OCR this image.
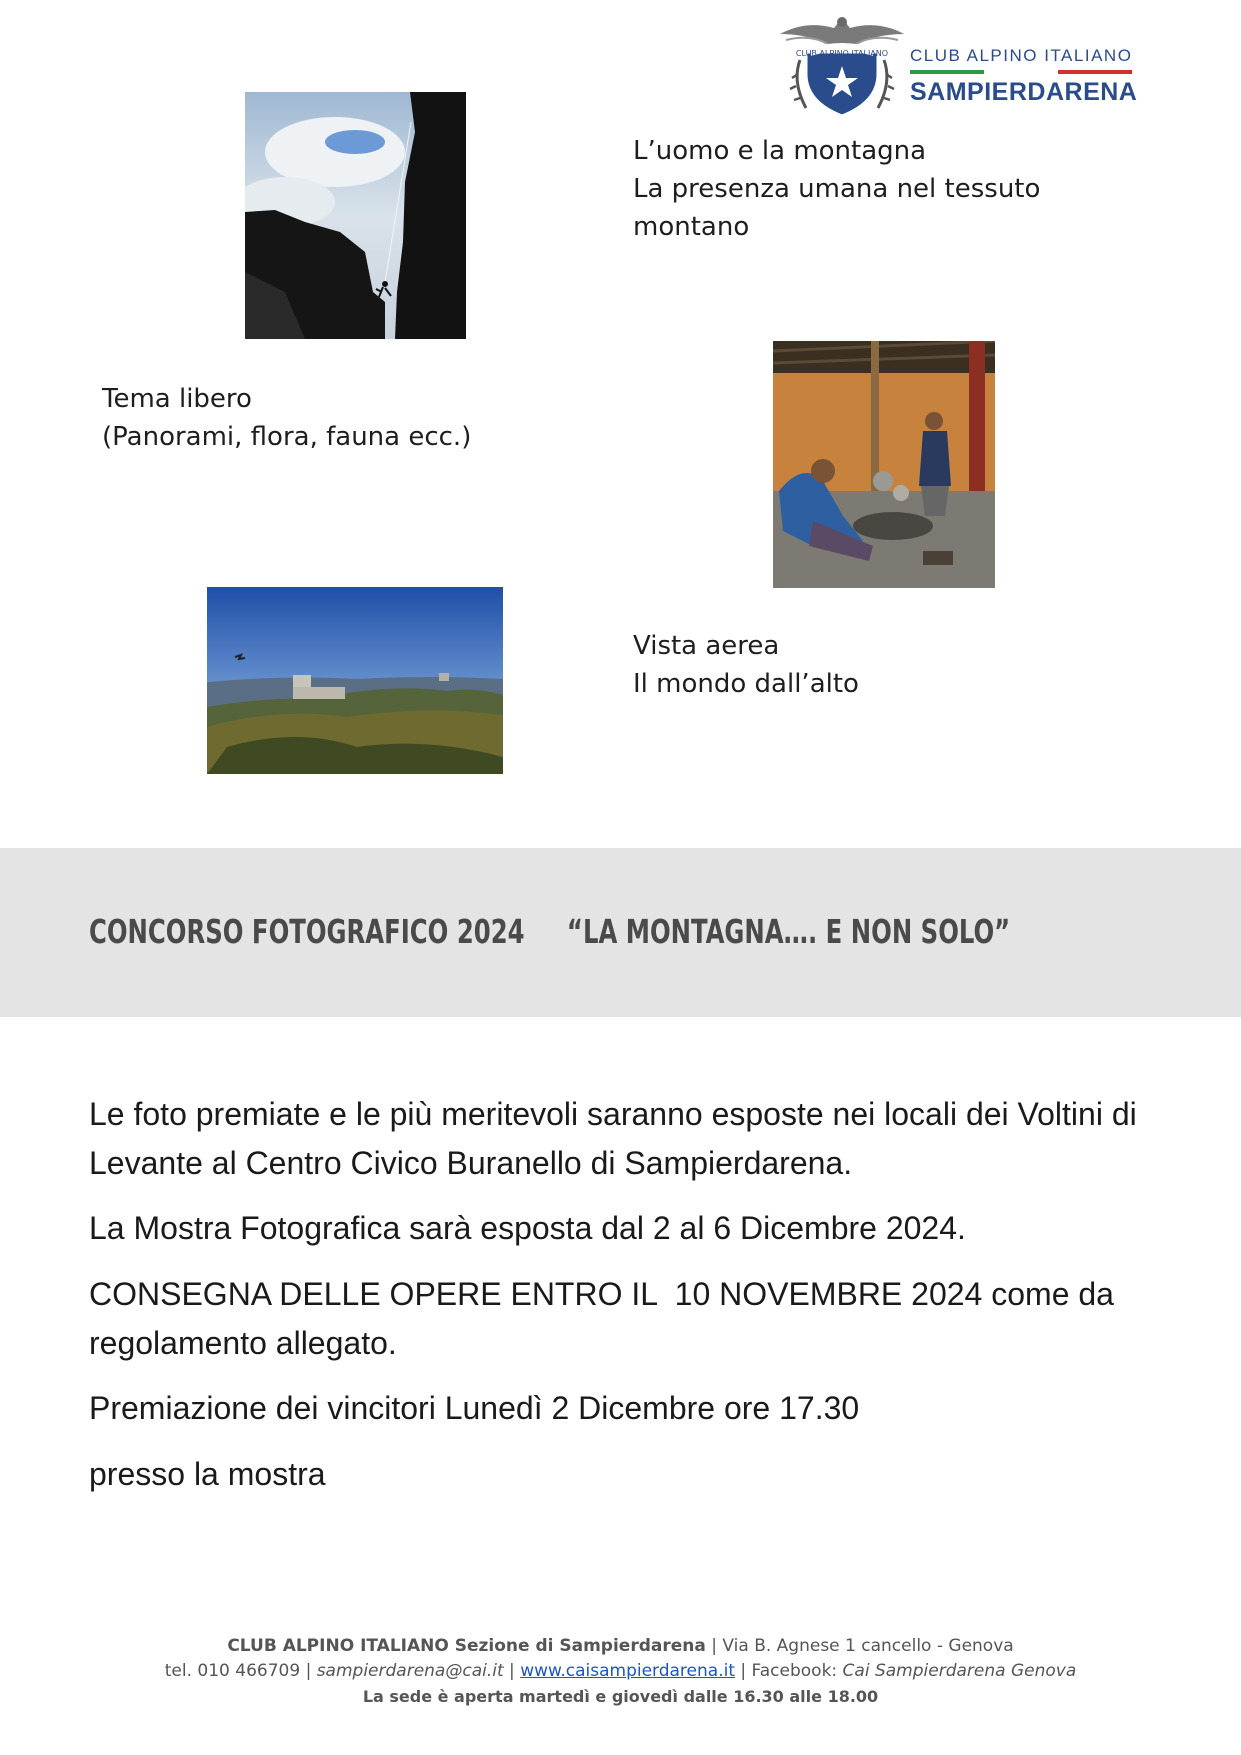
CLUB ALPINO ITALIANO CLUB ALPINO ITALIANO
SAMPIERDARENA
L’uomo e la montagna
La presenza umana nel tessuto
montano
Tema libero
(Panorami, flora, fauna ecc.)
Vista aerea
Il mondo dall’alto
CONCORSO FOTOGRAFICO 2024     “LA MONTAGNA…. E NON SOLO”
Le foto premiate e le più meritevoli saranno esposte nei locali dei Voltini di Levante al Centro Civico Buranello di Sampierdarena.
La Mostra Fotografica sarà esposta dal 2 al 6 Dicembre 2024.
CONSEGNA DELLE OPERE ENTRO IL  10 NOVEMBRE 2024 come da regolamento allegato.
Premiazione dei vincitori Lunedì 2 Dicembre ore 17.30
presso la mostra
CLUB ALPINO ITALIANO Sezione di Sampierdarena | Via B. Agnese 1 cancello - Genova
tel. 010 466709 | sampierdarena@cai.it | www.caisampierdarena.it | Facebook: Cai Sampierdarena Genova
La sede è aperta martedì e giovedì dalle 16.30 alle 18.00
